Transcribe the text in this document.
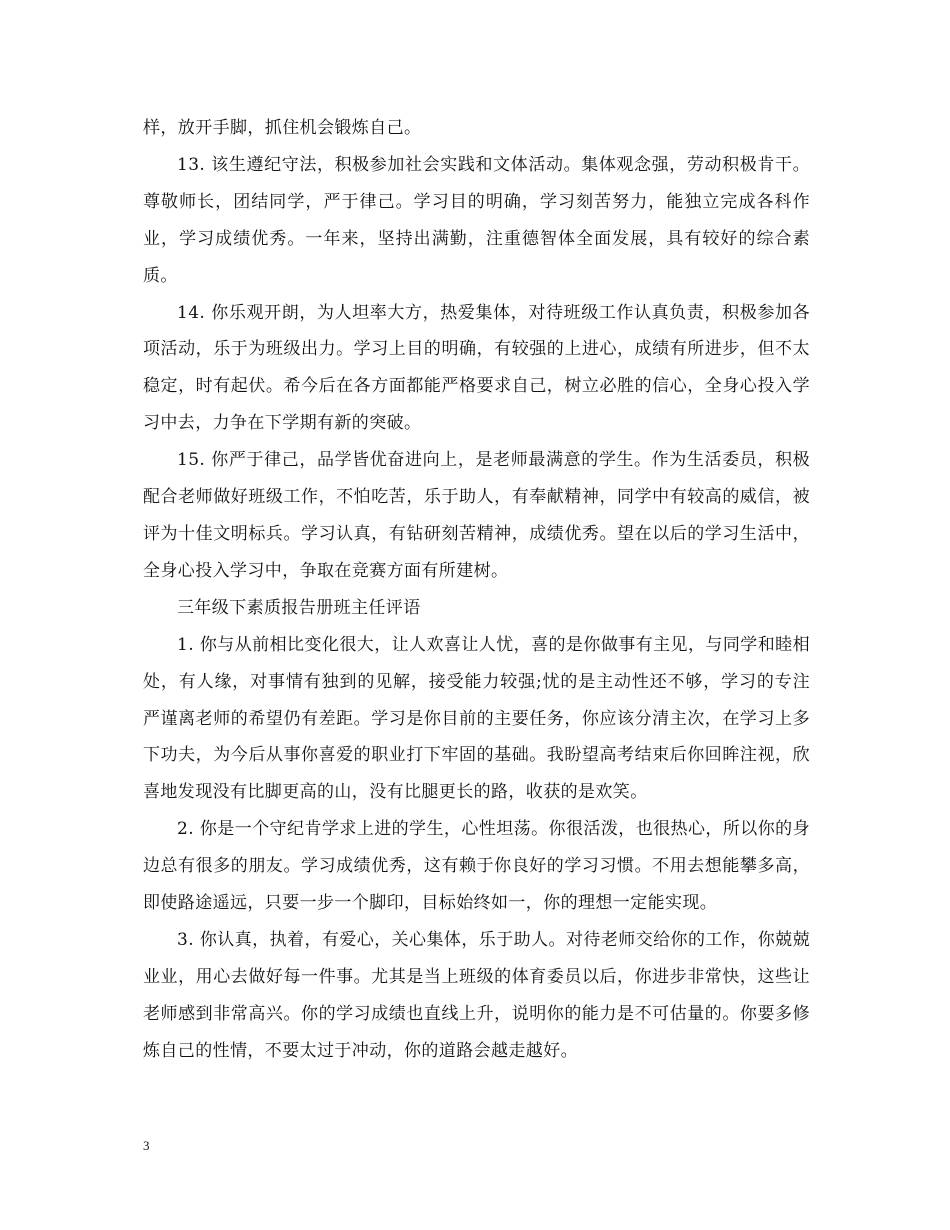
样，放开手脚，抓住机会锻炼自己。

13. 该生遵纪守法，积极参加社会实践和文体活动。集体观念强，劳动积极肯干。尊敬师长，团结同学，严于律己。学习目的明确，学习刻苦努力，能独立完成各科作业，学习成绩优秀。一年来，坚持出满勤，注重德智体全面发展，具有较好的综合素质。

14. 你乐观开朗，为人坦率大方，热爱集体，对待班级工作认真负责，积极参加各项活动，乐于为班级出力。学习上目的明确，有较强的上进心，成绩有所进步，但不太稳定，时有起伏。希今后在各方面都能严格要求自己，树立必胜的信心，全身心投入学习中去，力争在下学期有新的突破。

15. 你严于律己，品学皆优奋进向上，是老师最满意的学生。作为生活委员，积极配合老师做好班级工作，不怕吃苦，乐于助人，有奉献精神，同学中有较高的威信，被评为十佳文明标兵。学习认真，有钻研刻苦精神，成绩优秀。望在以后的学习生活中，全身心投入学习中，争取在竞赛方面有所建树。

三年级下素质报告册班主任评语

1. 你与从前相比变化很大，让人欢喜让人忧，喜的是你做事有主见，与同学和睦相处，有人缘，对事情有独到的见解，接受能力较强;忧的是主动性还不够，学习的专注严谨离老师的希望仍有差距。学习是你目前的主要任务，你应该分清主次，在学习上多下功夫，为今后从事你喜爱的职业打下牢固的基础。我盼望高考结束后你回眸注视，欣喜地发现没有比脚更高的山，没有比腿更长的路，收获的是欢笑。

2. 你是一个守纪肯学求上进的学生，心性坦荡。你很活泼，也很热心，所以你的身边总有很多的朋友。学习成绩优秀，这有赖于你良好的学习习惯。不用去想能攀多高，即使路途遥远，只要一步一个脚印，目标始终如一，你的理想一定能实现。

3. 你认真，执着，有爱心，关心集体，乐于助人。对待老师交给你的工作，你兢兢业业，用心去做好每一件事。尤其是当上班级的体育委员以后，你进步非常快，这些让老师感到非常高兴。你的学习成绩也直线上升，说明你的能力是不可估量的。你要多修炼自己的性情，不要太过于冲动，你的道路会越走越好。

3
